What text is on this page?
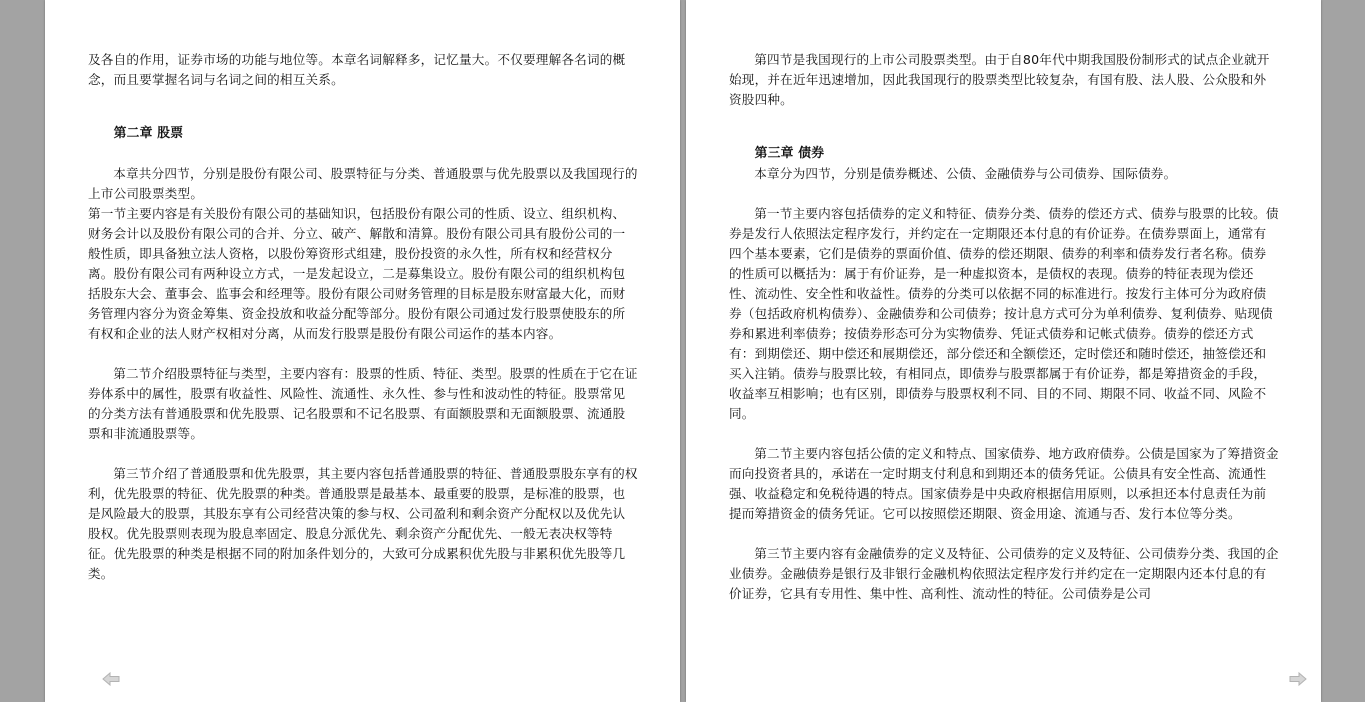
及各自的作用，证券市场的功能与地位等。本章名词解释多，记忆量大。不仅要理解各名词的概念，而且要掌握名词与名词之间的相互关系。

第二章 股票

本章共分四节，分别是股份有限公司、股票特征与分类、普通股票与优先股票以及我国现行的上市公司股票类型。

第一节主要内容是有关股份有限公司的基础知识，包括股份有限公司的性质、设立、组织机构、财务会计以及股份有限公司的合并、分立、破产、解散和清算。股份有限公司具有股份公司的一般性质，即具备独立法人资格，以股份筹资形式组建，股份投资的永久性，所有权和经营权分离。股份有限公司有两种设立方式，一是发起设立，二是募集设立。股份有限公司的组织机构包括股东大会、董事会、监事会和经理等。股份有限公司财务管理的目标是股东财富最大化，而财务管理内容分为资金筹集、资金投放和收益分配等部分。股份有限公司通过发行股票使股东的所有权和企业的法人财产权相对分离，从而发行股票是股份有限公司运作的基本内容。

第二节介绍股票特征与类型，主要内容有：股票的性质、特征、类型。股票的性质在于它在证券体系中的属性，股票有收益性、风险性、流通性、永久性、参与性和波动性的特征。股票常见的分类方法有普通股票和优先股票、记名股票和不记名股票、有面额股票和无面额股票、流通股票和非流通股票等。

第三节介绍了普通股票和优先股票，其主要内容包括普通股票的特征、普通股票股东享有的权利，优先股票的特征、优先股票的种类。普通股票是最基本、最重要的股票，是标准的股票，也是风险最大的股票，其股东享有公司经营决策的参与权、公司盈利和剩余资产分配权以及优先认股权。优先股票则表现为股息率固定、股息分派优先、剩余资产分配优先、一般无表决权等特征。优先股票的种类是根据不同的附加条件划分的，大致可分成累积优先股与非累积优先股等几类。

第四节是我国现行的上市公司股票类型。由于自80年代中期我国股份制形式的试点企业就开始现，并在近年迅速增加，因此我国现行的股票类型比较复杂，有国有股、法人股、公众股和外资股四种。

第三章 债券

本章分为四节，分别是债券概述、公债、金融债券与公司债券、国际债券。

第一节主要内容包括债券的定义和特征、债券分类、债券的偿还方式、债券与股票的比较。债券是发行人依照法定程序发行，并约定在一定期限还本付息的有价证券。在债券票面上，通常有四个基本要素，它们是债券的票面价值、债券的偿还期限、债券的利率和债券发行者名称。债券的性质可以概括为：属于有价证券，是一种虚拟资本，是债权的表现。债券的特征表现为偿还性、流动性、安全性和收益性。债券的分类可以依据不同的标准进行。按发行主体可分为政府债券（包括政府机构债券）、金融债券和公司债券；按计息方式可分为单利债券、复利债券、贴现债券和累进利率债券；按债券形态可分为实物债券、凭证式债券和记帐式债券。债券的偿还方式有：到期偿还、期中偿还和展期偿还，部分偿还和全额偿还，定时偿还和随时偿还，抽签偿还和买入注销。债券与股票比较，有相同点，即债券与股票都属于有价证券，都是筹措资金的手段，收益率互相影响；也有区别，即债券与股票权利不同、目的不同、期限不同、收益不同、风险不同。

第二节主要内容包括公债的定义和特点、国家债券、地方政府债券。公债是国家为了筹措资金而向投资者具的，承诺在一定时期支付利息和到期还本的债务凭证。公债具有安全性高、流通性强、收益稳定和免税待遇的特点。国家债券是中央政府根据信用原则，以承担还本付息责任为前提而筹措资金的债务凭证。它可以按照偿还期限、资金用途、流通与否、发行本位等分类。

第三节主要内容有金融债券的定义及特征、公司债券的定义及特征、公司债券分类、我国的企业债券。金融债券是银行及非银行金融机构依照法定程序发行并约定在一定期限内还本付息的有价证券，它具有专用性、集中性、高利性、流动性的特征。公司债券是公司
